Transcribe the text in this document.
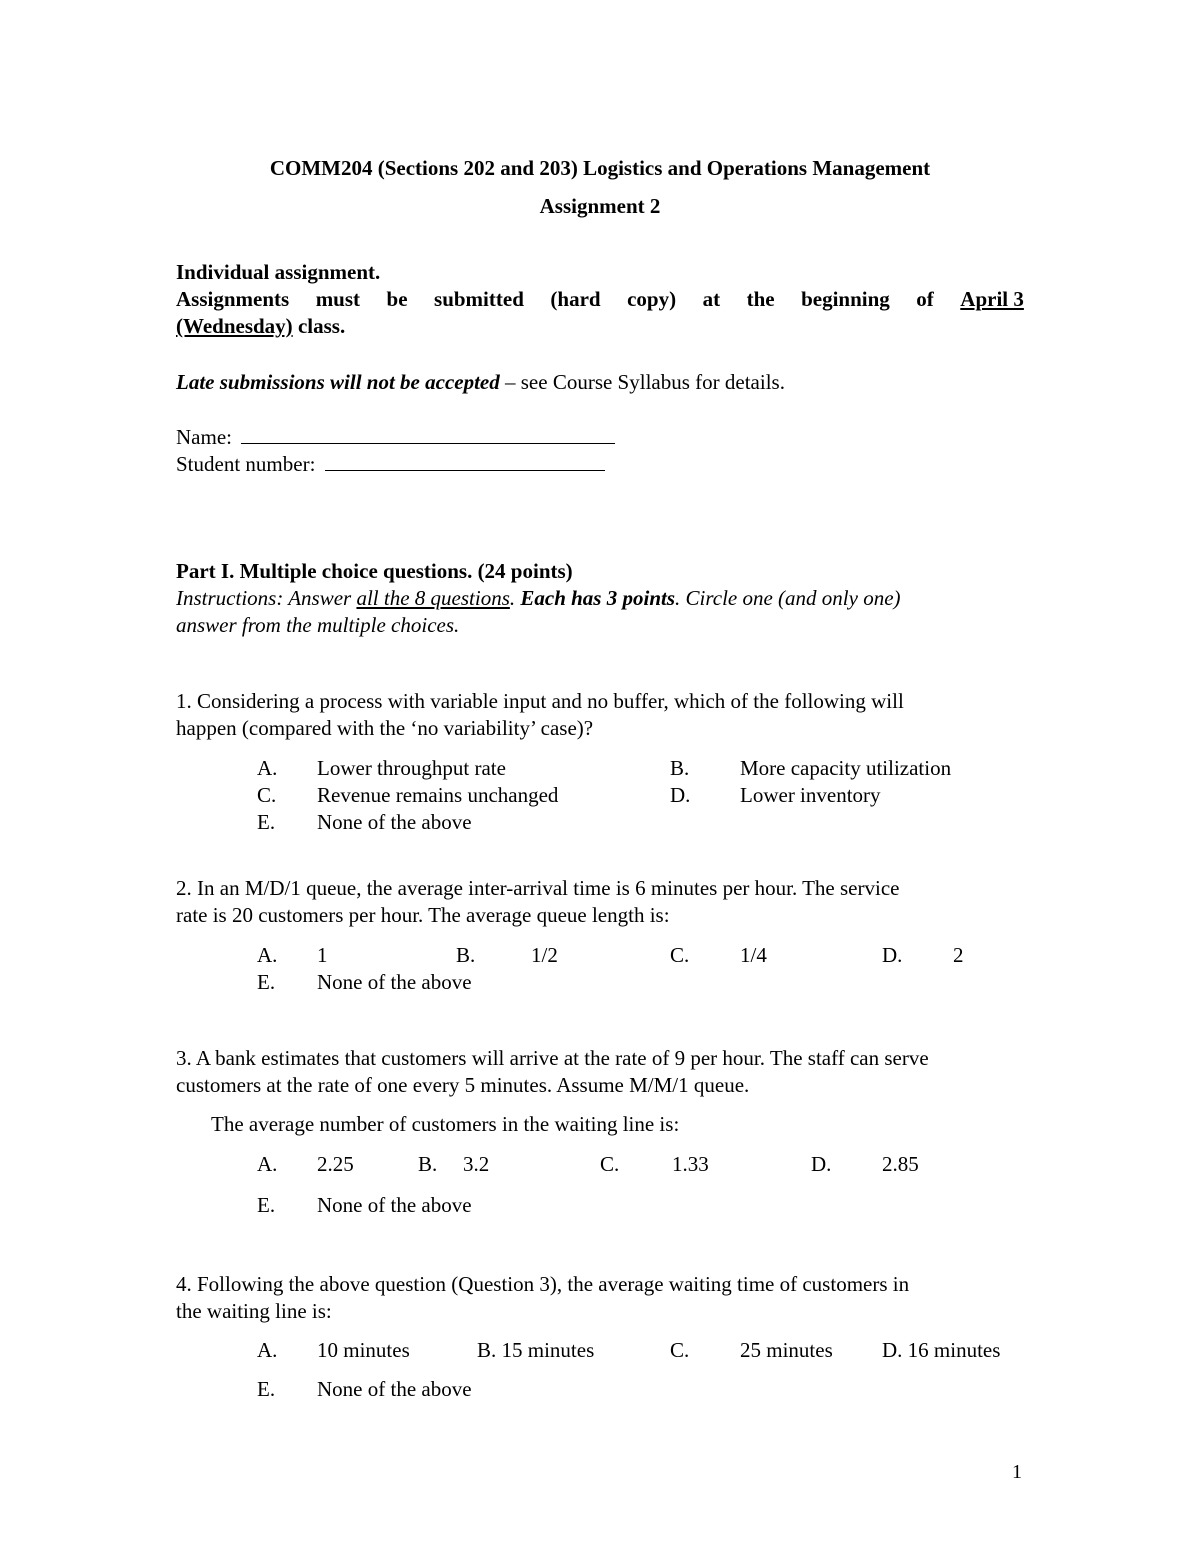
COMM204 (Sections 202 and 203) Logistics and Operations Management
Assignment 2
Individual assignment.
Assignments must be submitted (hard copy) at the beginning of April 3
(Wednesday) class.
Late submissions will not be accepted – see Course Syllabus for details.
Name:
Student number:
Part I. Multiple choice questions. (24 points)
Instructions: Answer all the 8 questions. Each has 3 points. Circle one (and only one)
answer from the multiple choices.
1. Considering a process with variable input and no buffer, which of the following will
happen (compared with the ‘no variability’ case)?
A. Lower throughput rate	B. More capacity utilization
C. Revenue remains unchanged	D. Lower inventory
E. None of the above
2. In an M/D/1 queue, the average inter-arrival time is 6 minutes per hour. The service
rate is 20 customers per hour. The average queue length is:
A. 1	B.	1/2	C. 1/4	D. 2
E. None of the above
3. A bank estimates that customers will arrive at the rate of 9 per hour. The staff can serve
customers at the rate of one every 5 minutes. Assume M/M/1 queue.
The average number of customers in the waiting line is:
A. 2.25	B. 3.2	C.	1.33	D. 2.85
E. None of the above
4. Following the above question (Question 3), the average waiting time of customers in
the waiting line is:
A. 10 minutes	B. 15 minutes	C. 25 minutes D. 16 minutes
E. None of the above
1
